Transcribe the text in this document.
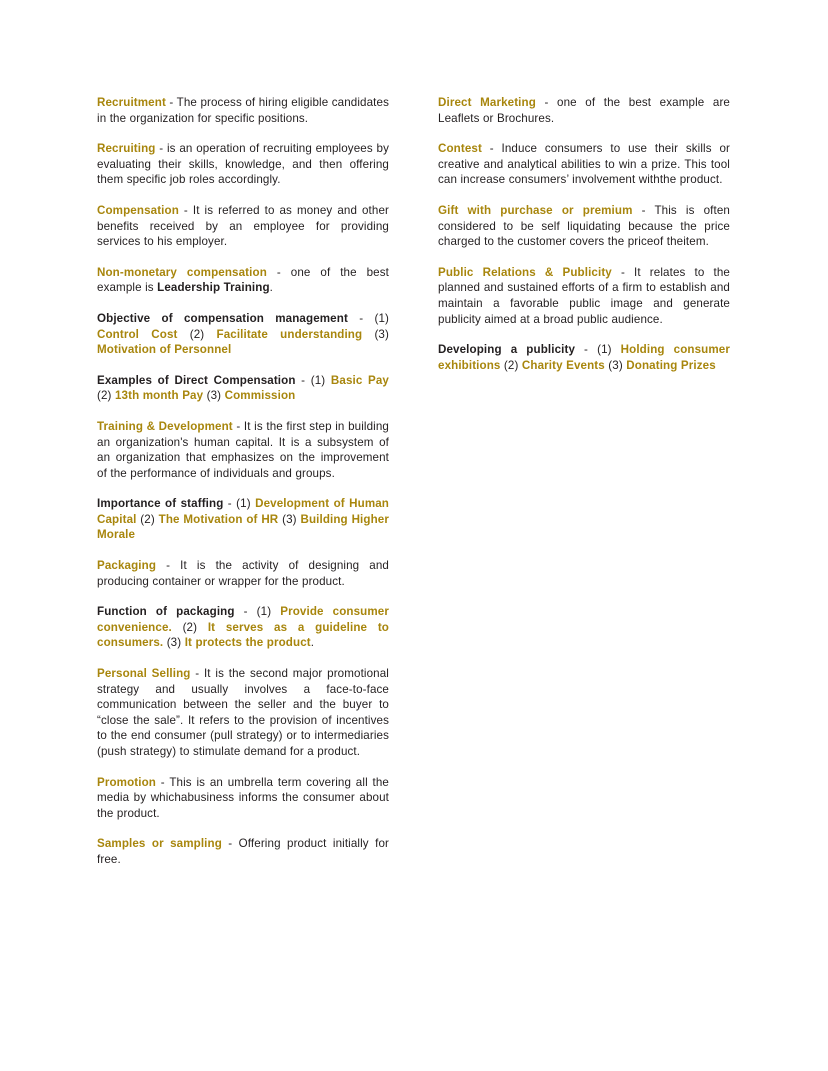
Recruitment - The process of hiring eligible candidates in the organization for specific positions.

Recruiting - is an operation of recruiting employees by evaluating their skills, knowledge, and then offering them specific job roles accordingly.

Compensation - It is referred to as money and other benefits received by an employee for providing services to his employer.

Non-monetary compensation - one of the best example is Leadership Training.

Objective of compensation management - (1) Control Cost (2) Facilitate understanding (3) Motivation of Personnel

Examples of Direct Compensation - (1) Basic Pay (2) 13th month Pay (3) Commission

Training & Development - It is the first step in building an organization's human capital. It is a subsystem of an organization that emphasizes on the improvement of the performance of individuals and groups.

Importance of staffing - (1) Development of Human Capital (2) The Motivation of HR (3) Building Higher Morale

Packaging - It is the activity of designing and producing container or wrapper for the product.

Function of packaging - (1) Provide consumer convenience. (2) It serves as a guideline to consumers. (3) It protects the product.

Personal Selling - It is the second major promotional strategy and usually involves a face-to-face communication between the seller and the buyer to “close the sale”. It refers to the provision of incentives to the end consumer (pull strategy) or to intermediaries (push strategy) to stimulate demand for a product.

Promotion - This is an umbrella term covering all the media by whichabusiness informs the consumer about the product.

Samples or sampling - Offering product initially for free.

Direct Marketing - one of the best example are Leaflets or Brochures.

Contest - Induce consumers to use their skills or creative and analytical abilities to win a prize. This tool can increase consumers’ involvement withthe product.

Gift with purchase or premium - This is often considered to be self liquidating because the price charged to the customer covers the priceof theitem.

Public Relations & Publicity - It relates to the planned and sustained efforts of a firm to establish and maintain a favorable public image and generate publicity aimed at a broad public audience.

Developing a publicity - (1) Holding consumer exhibitions (2) Charity Events (3) Donating Prizes
